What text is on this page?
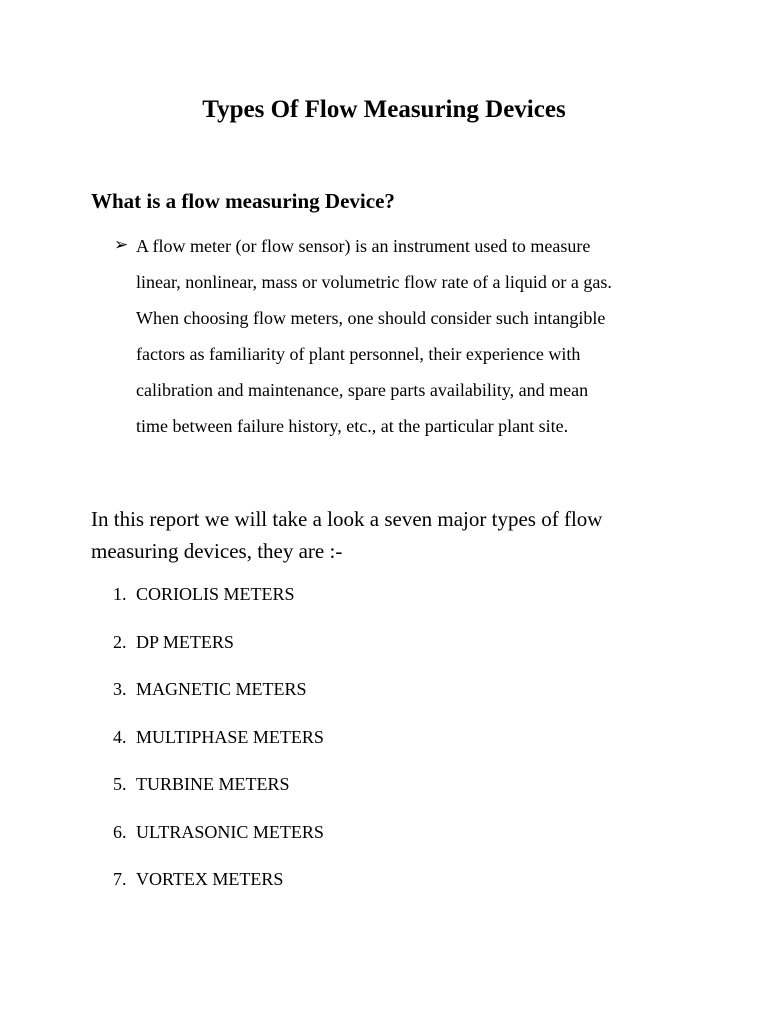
Types Of Flow Measuring Devices
What is a flow measuring Device?
➢ A flow meter (or flow sensor) is an instrument used to measure
linear, nonlinear, mass or volumetric flow rate of a liquid or a gas.
When choosing flow meters, one should consider such intangible
factors as familiarity of plant personnel, their experience with
calibration and maintenance, spare parts availability, and mean
time between failure history, etc., at the particular plant site.

In this report we will take a look a seven major types of flow
measuring devices, they are :-

1. CORIOLIS METERS
2. DP METERS
3. MAGNETIC METERS
4. MULTIPHASE METERS
5. TURBINE METERS
6. ULTRASONIC METERS
7. VORTEX METERS
